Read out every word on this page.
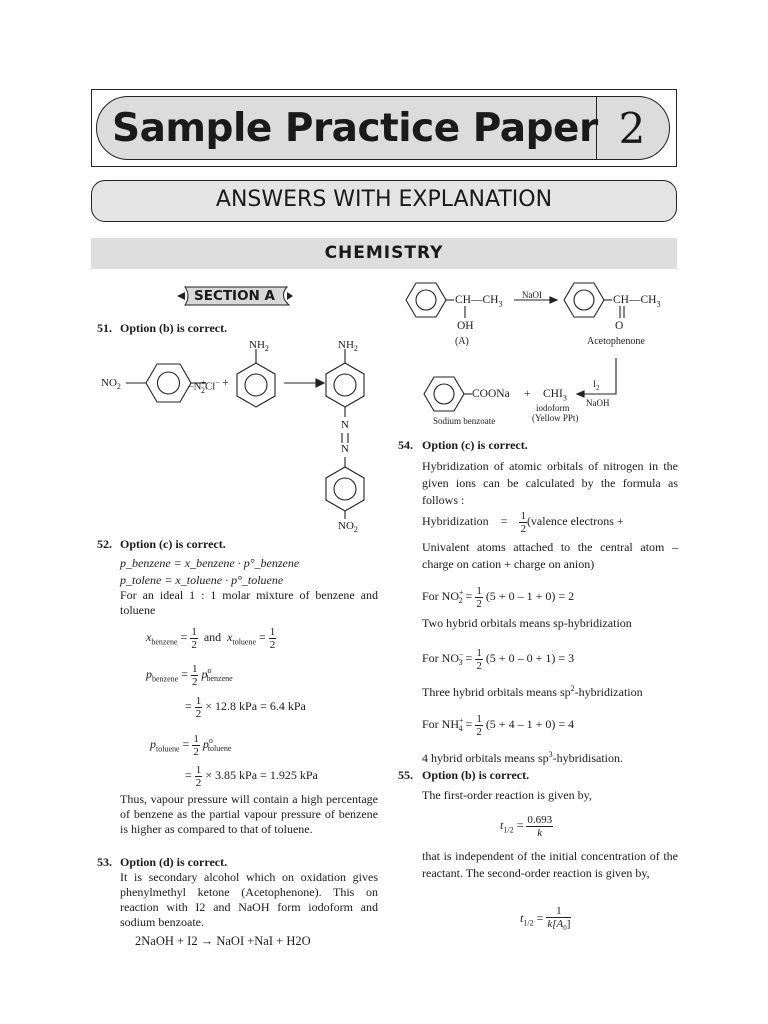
Sample Practice Paper 2
ANSWERS WITH EXPLANATION
CHEMISTRY
SECTION A
51. Option (b) is correct.
$NO_2$	$-N^+_2Cl^-$ +
$NH_2$	$NH_2$
N
N
$NO_2$
52. Option (c) is correct.
p_benzene = x_benzene · p°_benzene
p_tolene = x_toluene · p°_toluene
For an ideal 1 : 1 molar mixture of benzene and toluene
$x_{benzene} = \frac{1}{2}$ and $x_{toluene} = \frac{1}{2}$
$p_{benzene} = \frac{1}{2} p^o_{benzene}$
= $\frac{1}{2} \times 12.8$ kPa = 6.4 kPa
$p_{toluene} = \frac{1}{2} p^o_{toluene}$
= $\frac{1}{2} \times 3.85$ kPa = 1.925 kPa
Thus, vapour pressure will contain a high percentage of benzene as the partial vapour pressure of benzene is higher as compared to that of toluene.
53. Option (d) is correct.
It is secondary alcohol which on oxidation gives phenylmethyl ketone (Acetophenone). This on reaction with I2 and NaOH form iodoform and sodium benzoate.
2NaOH + I2 → NaOI +NaI + H2O
$CH—CH_3$
OH
(A)
NaOI	$CH—CH_3$
O
Acetophenone
COONa + $CHI_3$
iodoform
(Yellow PPt)
Sodium benzoate
$I_2$
NaOH
54. Option (c) is correct.
Hybridization of atomic orbitals of nitrogen in the given ions can be calculated by the formula as follows :
Hybridization = $\frac{1}{2}$ (valence electrons +
Univalent atoms attached to the central atom – charge on cation + charge on anion)
For $NO^+_2 = \frac{1}{2} (5 + 0 - 1 + 0) = 2$
Two hybrid orbitals means sp-hybridization
For $NO^-_3 = \frac{1}{2} (5 + 0 - 0 + 1) = 3$
Three hybrid orbitals means $sp^2$-hybridization
For $NH^+_4 = \frac{1}{2} (5 + 4 - 1 + 0) = 4$
4 hybrid orbitals means $sp^3$-hybridisation.
55. Option (b) is correct.
The first-order reaction is given by,
$t_{1/2} = \frac{0.693}{k}$
that is independent of the initial concentration of the reactant. The second-order reaction is given by,
$t_{1/2} = \frac{1}{k[A_0]}$
